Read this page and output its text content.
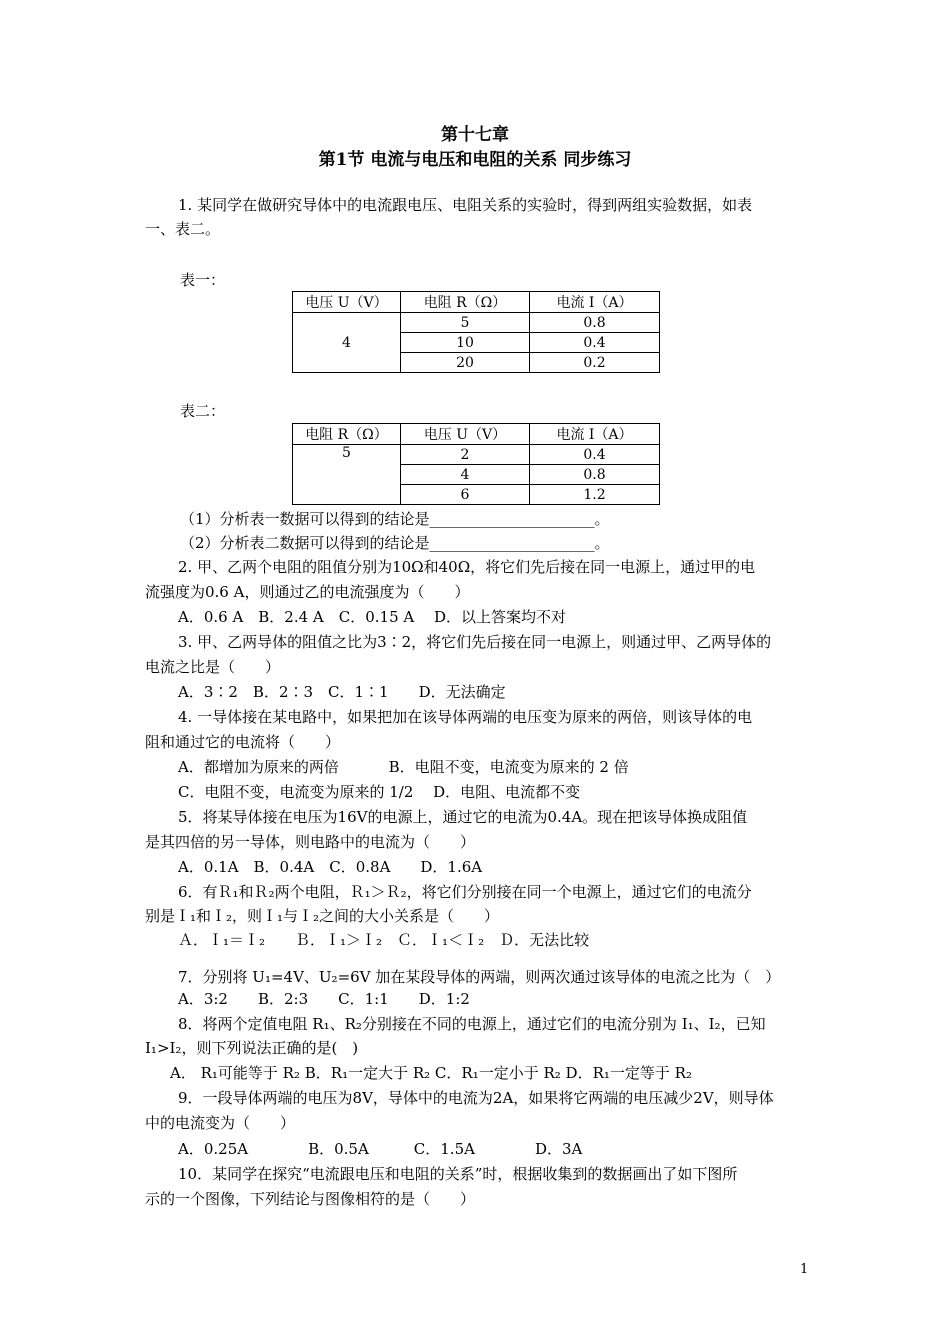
第十七章
第1节 电流与电压和电阻的关系 同步练习
1. 某同学在做研究导体中的电流跟电压、电阻关系的实验时，得到两组实验数据，如表
一、表二。
表一：
电压 U（V）	电阻 R（Ω）	电流 I（A）
4	5	0.8
	10	0.4
	20	0.2
表二：
电阻 R（Ω）	电压 U（V）	电流 I（A）
5	2	0.4
	4	0.8
	6	1.2
（1）分析表一数据可以得到的结论是______________________。
（2）分析表二数据可以得到的结论是______________________。
2. 甲、乙两个电阻的阻值分别为10Ω和40Ω，将它们先后接在同一电源上，通过甲的电
流强度为0.6 A，则通过乙的电流强度为（　　）
A．0.6 A　B．2.4 A　C．0.15 A　 D．以上答案均不对
3. 甲、乙两导体的阻值之比为3∶2，将它们先后接在同一电源上，则通过甲、乙两导体的
电流之比是（　　）
A．3∶2　B．2∶3　C．1∶1　　D．无法确定
4. 一导体接在某电路中，如果把加在该导体两端的电压变为原来的两倍，则该导体的电
阻和通过它的电流将（　　）
A．都增加为原来的两倍　　　 B．电阻不变，电流变为原来的 2 倍
C．电阻不变，电流变为原来的 1/2　 D．电阻、电流都不变
5．将某导体接在电压为16V的电源上，通过它的电流为0.4A。现在把该导体换成阻值
是其四倍的另一导体，则电路中的电流为（　　）
A．0.1A　B．0.4A　C．0.8A　　D．1.6A
6．有Ｒ₁和Ｒ₂两个电阻，Ｒ₁＞Ｒ₂，将它们分别接在同一个电源上，通过它们的电流分
别是Ｉ₁和Ｉ₂，则Ｉ₁与Ｉ₂之间的大小关系是（　　）
Ａ．Ｉ₁＝Ｉ₂　　Ｂ．Ｉ₁＞Ｉ₂　Ｃ．Ｉ₁＜Ｉ₂　Ｄ．无法比较
7．分别将 U₁=4V、U₂=6V 加在某段导体的两端，则两次通过该导体的电流之比为（　）
A．3:2　　B．2:3　　C．1:1　　D．1:2
8．将两个定值电阻 R₁、R₂分别接在不同的电源上，通过它们的电流分别为 I₁、I₂，已知
I₁>I₂，则下列说法正确的是(　)
A． R₁可能等于 R₂ B．R₁一定大于 R₂ C．R₁一定小于 R₂ D．R₁一定等于 R₂
9．一段导体两端的电压为8V，导体中的电流为2A，如果将它两端的电压减少2V，则导体
中的电流变为（　　）
A．0.25A　　　　B．0.5A　　　C．1.5A　　　　D．3A
10．某同学在探究“电流跟电压和电阻的关系”时，根据收集到的数据画出了如下图所
示的一个图像，下列结论与图像相符的是（　　）
1
